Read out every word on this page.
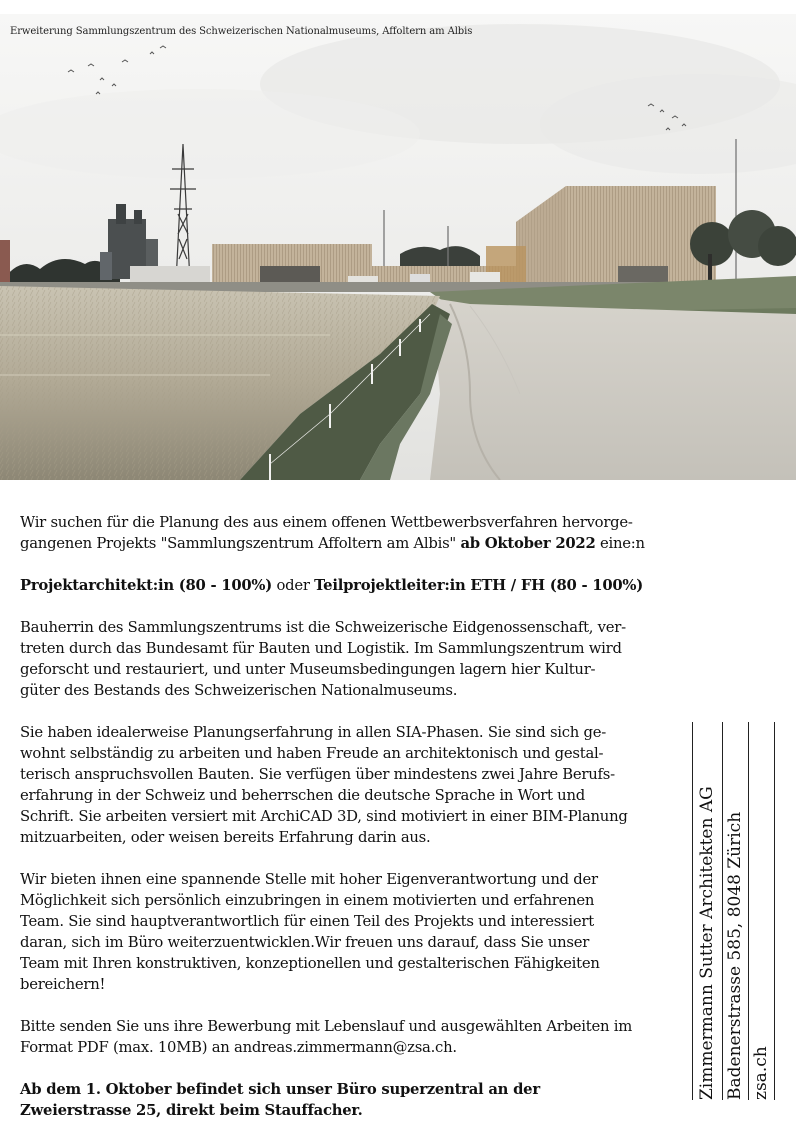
Erweiterung Sammlungszentrum des Schweizerischen Nationalmuseums, Affoltern am Albis

Wir suchen für die Planung des aus einem offenen Wettbewerbsverfahren hervorge-
gangenen Projekts "Sammlungszentrum Affoltern am Albis" ab Oktober 2022 eine:n

Projektarchitekt:in (80 - 100%) oder Teilprojektleiter:in ETH / FH (80 - 100%)

Bauherrin des Sammlungszentrums ist die Schweizerische Eidgenossenschaft, ver-
treten durch das Bundesamt für Bauten und Logistik. Im Sammlungszentrum wird
geforscht und restauriert, und unter Museumsbedingungen lagern hier Kultur-
güter des Bestands des Schweizerischen Nationalmuseums.

Sie haben idealerweise Planungserfahrung in allen SIA-Phasen. Sie sind sich ge-
wohnt selbständig zu arbeiten und haben Freude an architektonisch und gestal-
terisch anspruchsvollen Bauten. Sie verfügen über mindestens zwei Jahre Berufs-
erfahrung in der Schweiz und beherrschen die deutsche Sprache in Wort und
Schrift. Sie arbeiten versiert mit ArchiCAD 3D, sind motiviert in einer BIM-Planung
mitzuarbeiten, oder weisen bereits Erfahrung darin aus.

Wir bieten ihnen eine spannende Stelle mit hoher Eigenverantwortung und der
Möglichkeit sich persönlich einzubringen in einem motivierten und erfahrenen
Team. Sie sind hauptverantwortlich für einen Teil des Projekts und interessiert
daran, sich im Büro weiterzuentwicklen.Wir freuen uns darauf, dass Sie unser
Team mit Ihren konstruktiven, konzeptionellen und gestalterischen Fähigkeiten
bereichern!

Bitte senden Sie uns ihre Bewerbung mit Lebenslauf und ausgewählten Arbeiten im
Format PDF (max. 10MB) an andreas.zimmermann@zsa.ch.

Ab dem 1. Oktober befindet sich unser Büro superzentral an der
Zweierstrasse 25, direkt beim Stauffacher.

Zimmermann Sutter Architekten AG Badenerstrasse 585, 8048 Zürich zsa.ch
